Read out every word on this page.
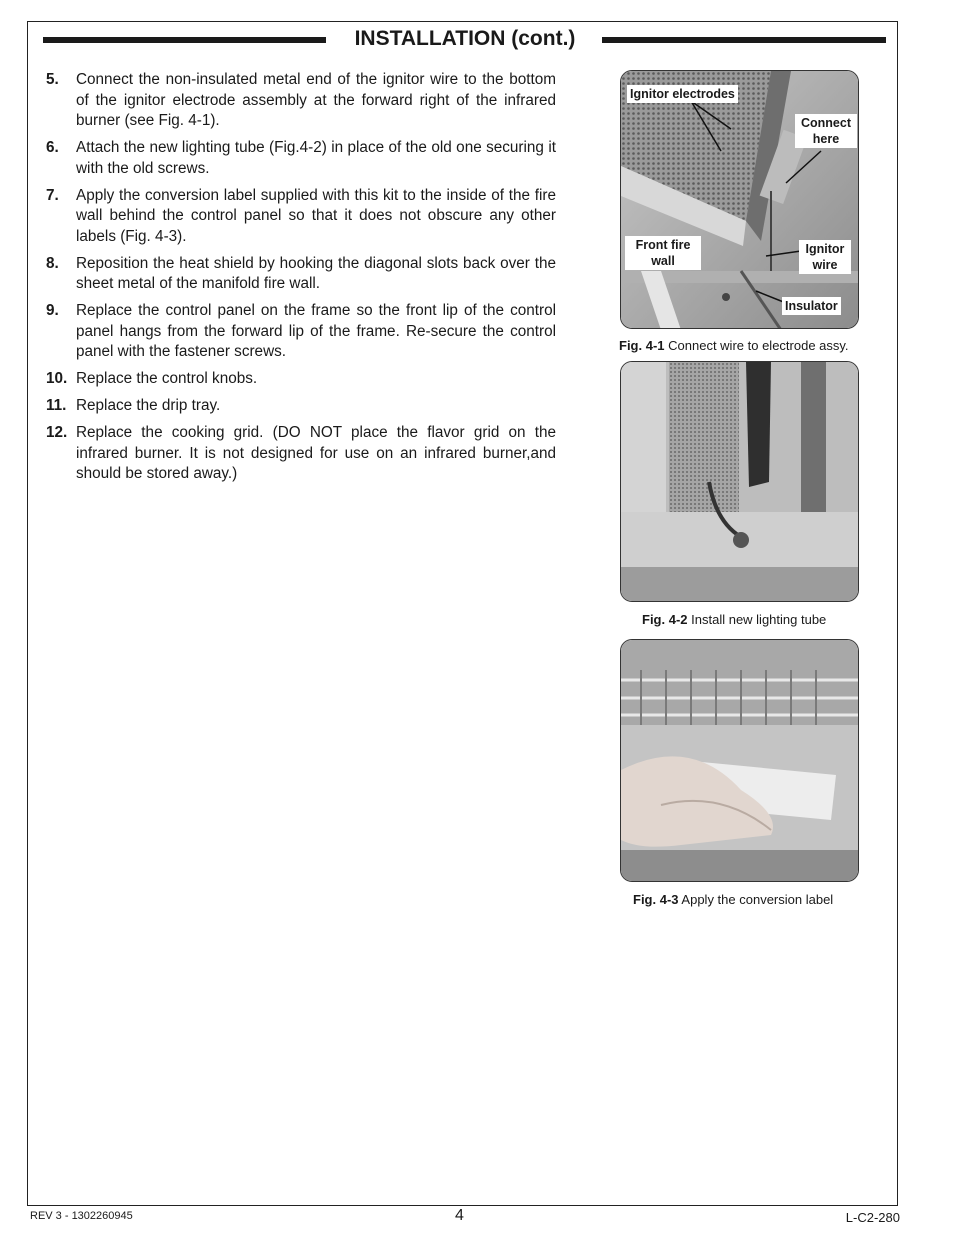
INSTALLATION (cont.)
5.	Connect the non-insulated metal end of the ignitor wire to the bottom of the ignitor electrode assembly at the forward right of the infrared burner (see Fig. 4-1).
6.	Attach the new lighting tube (Fig.4-2) in place of the old one securing it with the old screws.
7.	Apply the conversion label supplied with this kit to the inside of the fire wall behind the control panel so that it does not obscure any other labels (Fig. 4-3).
8.	Reposition the heat shield by hooking the diagonal slots back over the sheet metal of the manifold fire wall.
9.	Replace the control panel on the frame so the front lip of the control panel hangs from the forward lip of the frame. Re-secure the control panel with the fastener screws.
10. Replace the control knobs.
11. Replace the drip tray.
12. Replace the cooking grid. (DO NOT place the flavor grid on the infrared burner. It is not designed for use on an infrared burner,and should be stored away.)
Ignitor electrodes
Connect here
Front fire wall
Ignitor wire
Insulator
Fig. 4-1 Connect wire to electrode assy.
Fig. 4-2 Install new lighting tube
Fig. 4-3 Apply the conversion label
REV 3 - 1302260945	4	L-C2-280
